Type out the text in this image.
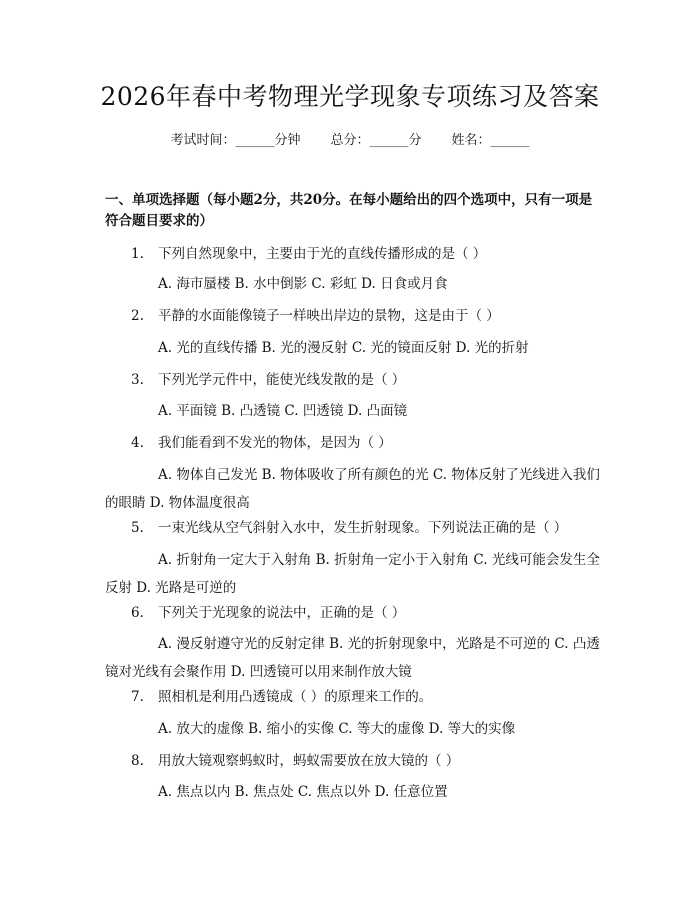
2026年春中考物理光学现象专项练习及答案
考试时间：______分钟 总分：______分 姓名：______
一、单项选择题（每小题2分，共20分。在每小题给出的四个选项中，只有一项是符合题目要求的）
1. 下列自然现象中，主要由于光的直线传播形成的是（ ）
A. 海市蜃楼 B. 水中倒影 C. 彩虹 D. 日食或月食
2. 平静的水面能像镜子一样映出岸边的景物，这是由于（ ）
A. 光的直线传播 B. 光的漫反射 C. 光的镜面反射 D. 光的折射
3. 下列光学元件中，能使光线发散的是（ ）
A. 平面镜 B. 凸透镜 C. 凹透镜 D. 凸面镜
4. 我们能看到不发光的物体，是因为（ ）
A. 物体自己发光 B. 物体吸收了所有颜色的光 C. 物体反射了光线进入我们的眼睛 D. 物体温度很高
5. 一束光线从空气斜射入水中，发生折射现象。下列说法正确的是（ ）
A. 折射角一定大于入射角 B. 折射角一定小于入射角 C. 光线可能会发生全反射 D. 光路是可逆的
6. 下列关于光现象的说法中，正确的是（ ）
A. 漫反射遵守光的反射定律 B. 光的折射现象中，光路是不可逆的 C. 凸透镜对光线有会聚作用 D. 凹透镜可以用来制作放大镜
7. 照相机是利用凸透镜成（ ）的原理来工作的。
A. 放大的虚像 B. 缩小的实像 C. 等大的虚像 D. 等大的实像
8. 用放大镜观察蚂蚁时，蚂蚁需要放在放大镜的（ ）
A. 焦点以内 B. 焦点处 C. 焦点以外 D. 任意位置
